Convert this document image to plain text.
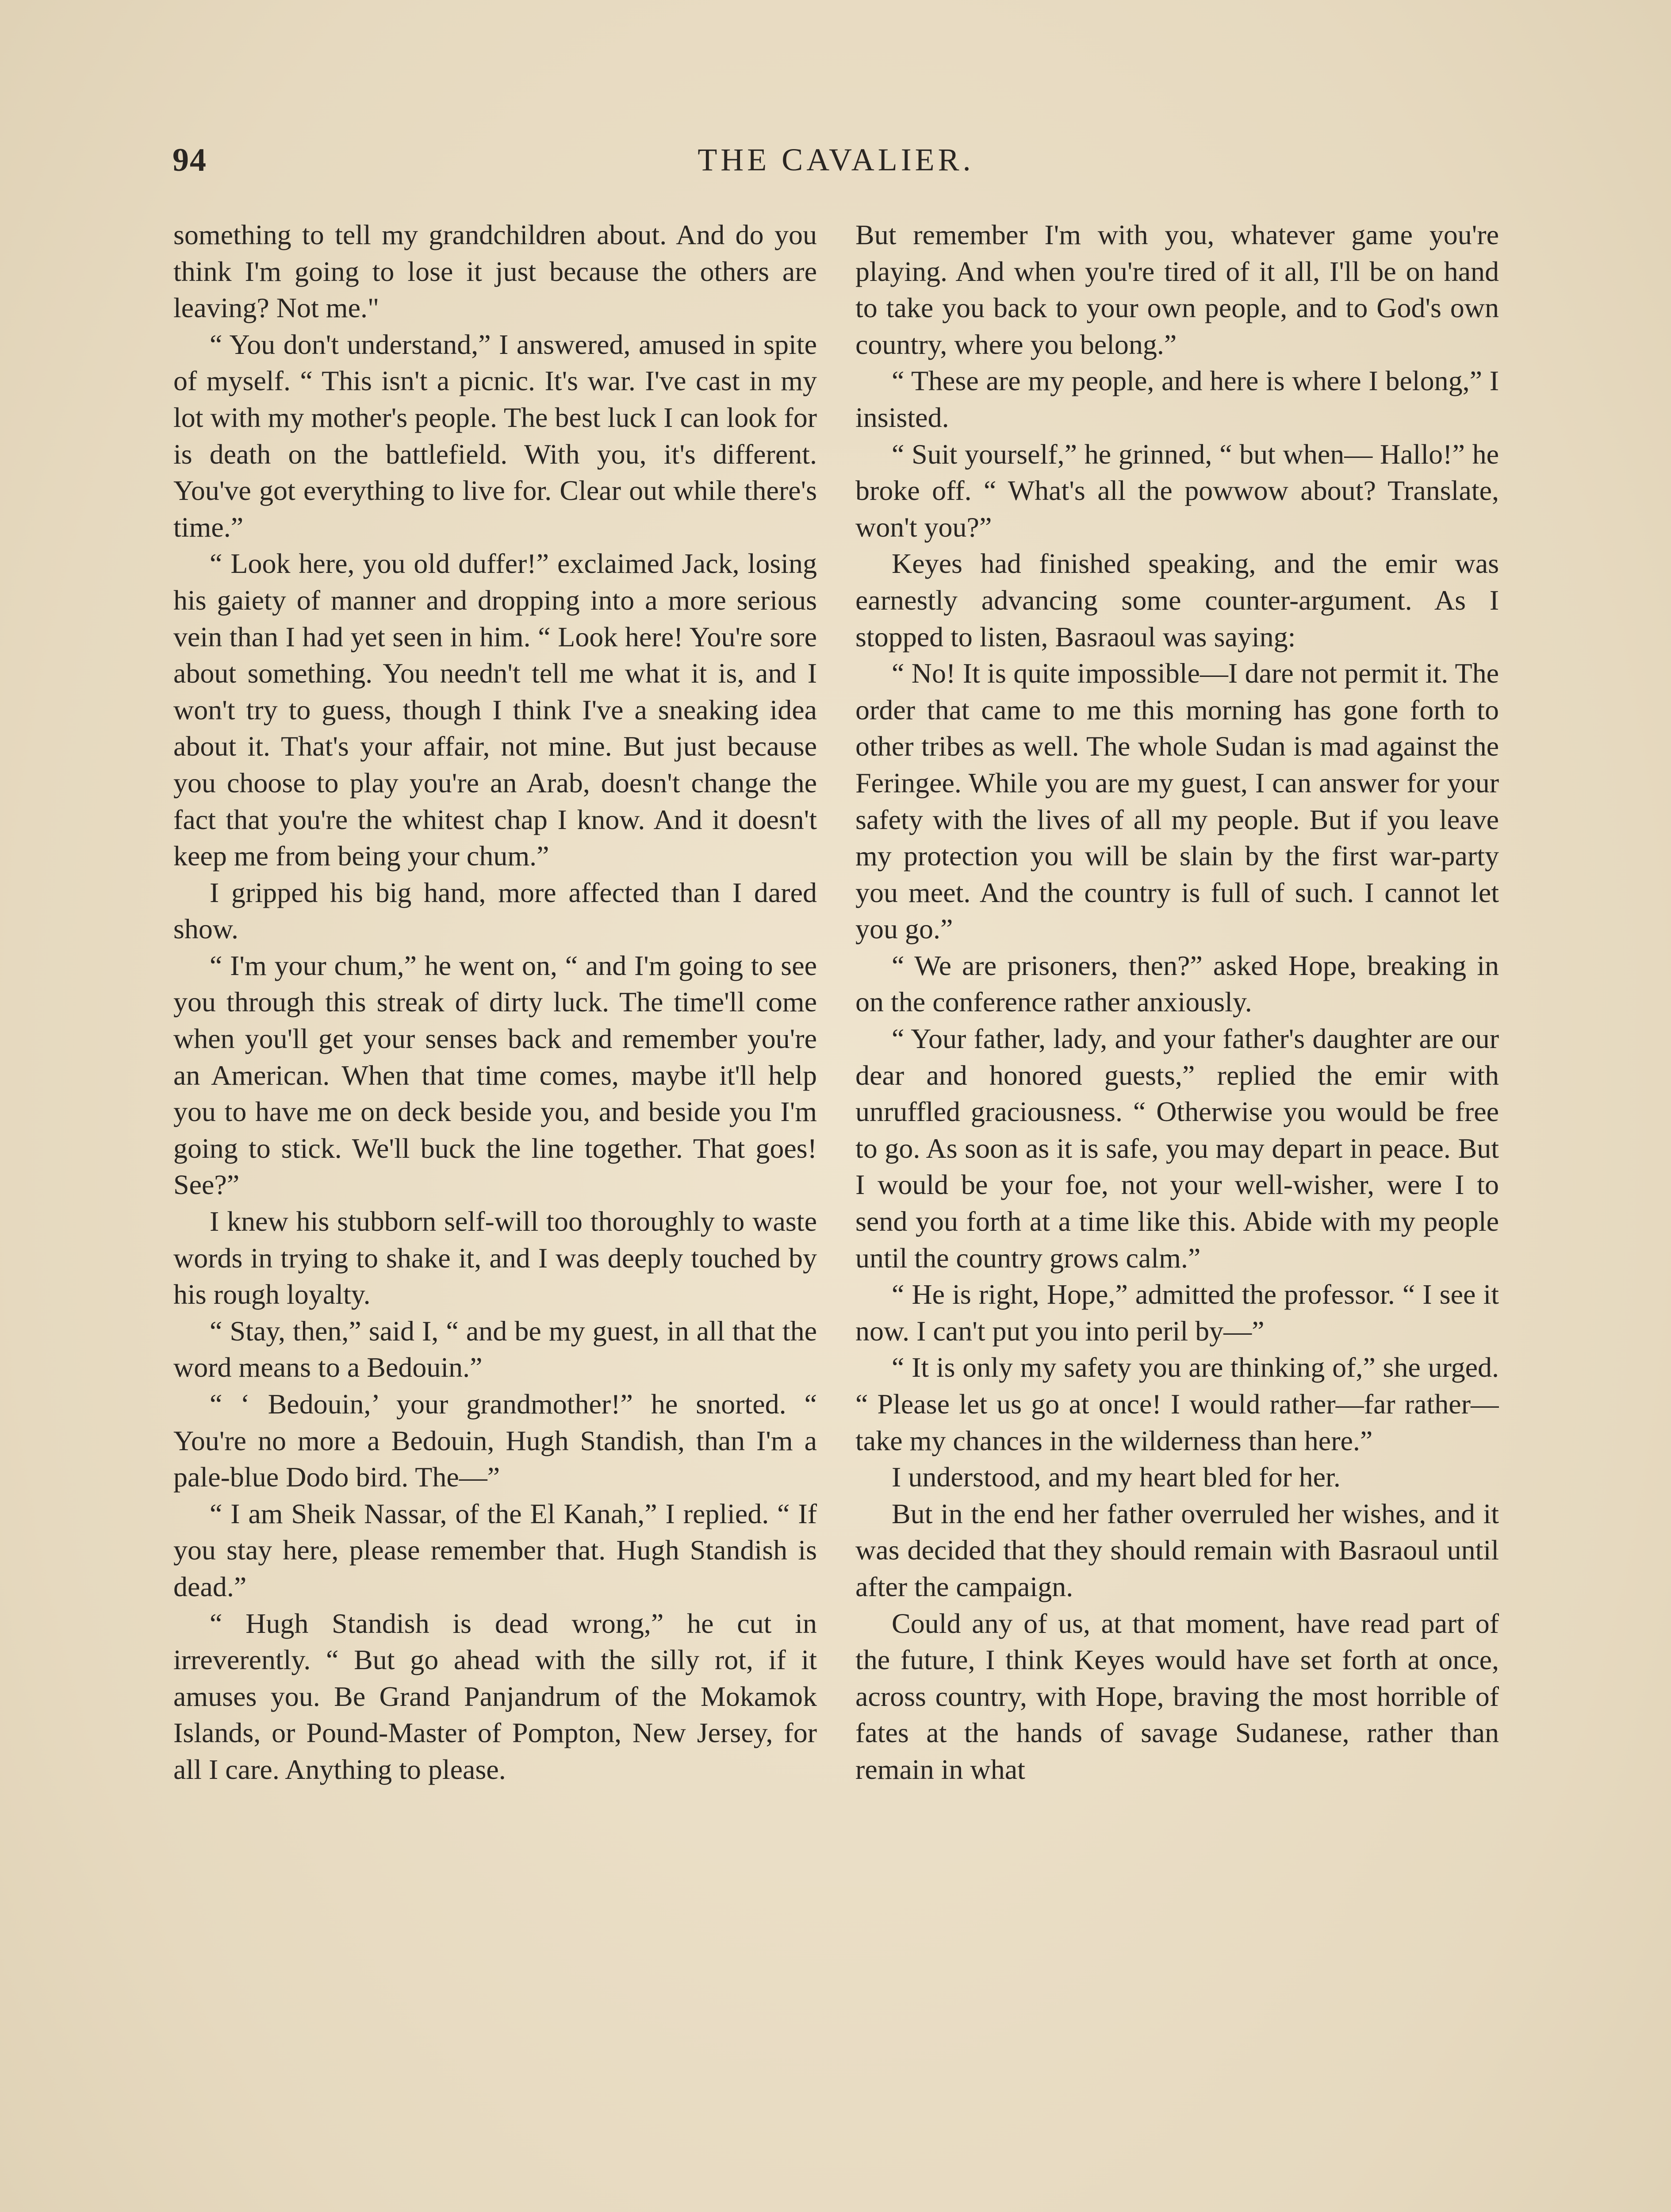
94	THE CAVALIER.

something to tell my grandchildren about. And do you think I'm going to lose it just because the others are leaving? Not me."

“ You don't understand,” I answered, amused in spite of myself. “ This isn't a picnic. It's war. I've cast in my lot with my mother's people. The best luck I can look for is death on the battlefield. With you, it's different. You've got everything to live for. Clear out while there's time.”

“ Look here, you old duffer!” exclaimed Jack, losing his gaiety of manner and dropping into a more serious vein than I had yet seen in him. “ Look here! You're sore about something. You needn't tell me what it is, and I won't try to guess, though I think I've a sneaking idea about it. That's your affair, not mine. But just because you choose to play you're an Arab, doesn't change the fact that you're the whitest chap I know. And it doesn't keep me from being your chum.”

I gripped his big hand, more affected than I dared show.

“ I'm your chum,” he went on, “ and I'm going to see you through this streak of dirty luck. The time'll come when you'll get your senses back and remember you're an American. When that time comes, maybe it'll help you to have me on deck beside you, and beside you I'm going to stick. We'll buck the line together. That goes! See?”

I knew his stubborn self-will too thoroughly to waste words in trying to shake it, and I was deeply touched by his rough loyalty.

“ Stay, then,” said I, “ and be my guest, in all that the word means to a Bedouin.”

“ ‘ Bedouin,’ your grandmother!” he snorted. “ You're no more a Bedouin, Hugh Standish, than I'm a pale-blue Dodo bird. The—”

“ I am Sheik Nassar, of the El Kanah,” I replied. “ If you stay here, please remember that. Hugh Standish is dead.”

“ Hugh Standish is dead wrong,” he cut in irreverently. “ But go ahead with the silly rot, if it amuses you. Be Grand Panjandrum of the Mokamok Islands, or Pound-Master of Pompton, New Jersey, for all I care. Anything to please.

But remember I'm with you, whatever game you're playing. And when you're tired of it all, I'll be on hand to take you back to your own people, and to God's own country, where you belong.”

“ These are my people, and here is where I belong,” I insisted.

“ Suit yourself,” he grinned, “ but when— Hallo!” he broke off. “ What's all the powwow about? Translate, won't you?”

Keyes had finished speaking, and the emir was earnestly advancing some counter-argument. As I stopped to listen, Basraoul was saying:

“ No! It is quite impossible—I dare not permit it. The order that came to me this morning has gone forth to other tribes as well. The whole Sudan is mad against the Feringee. While you are my guest, I can answer for your safety with the lives of all my people. But if you leave my protection you will be slain by the first war-party you meet. And the country is full of such. I cannot let you go.”

“ We are prisoners, then?” asked Hope, breaking in on the conference rather anxiously.

“ Your father, lady, and your father's daughter are our dear and honored guests,” replied the emir with unruffled graciousness. “ Otherwise you would be free to go. As soon as it is safe, you may depart in peace. But I would be your foe, not your well-wisher, were I to send you forth at a time like this. Abide with my people until the country grows calm.”

“ He is right, Hope,” admitted the professor. “ I see it now. I can't put you into peril by—”

“ It is only my safety you are thinking of,” she urged. “ Please let us go at once! I would rather—far rather—take my chances in the wilderness than here.”

I understood, and my heart bled for her.

But in the end her father overruled her wishes, and it was decided that they should remain with Basraoul until after the campaign.

Could any of us, at that moment, have read part of the future, I think Keyes would have set forth at once, across country, with Hope, braving the most horrible of fates at the hands of savage Sudanese, rather than remain in what
